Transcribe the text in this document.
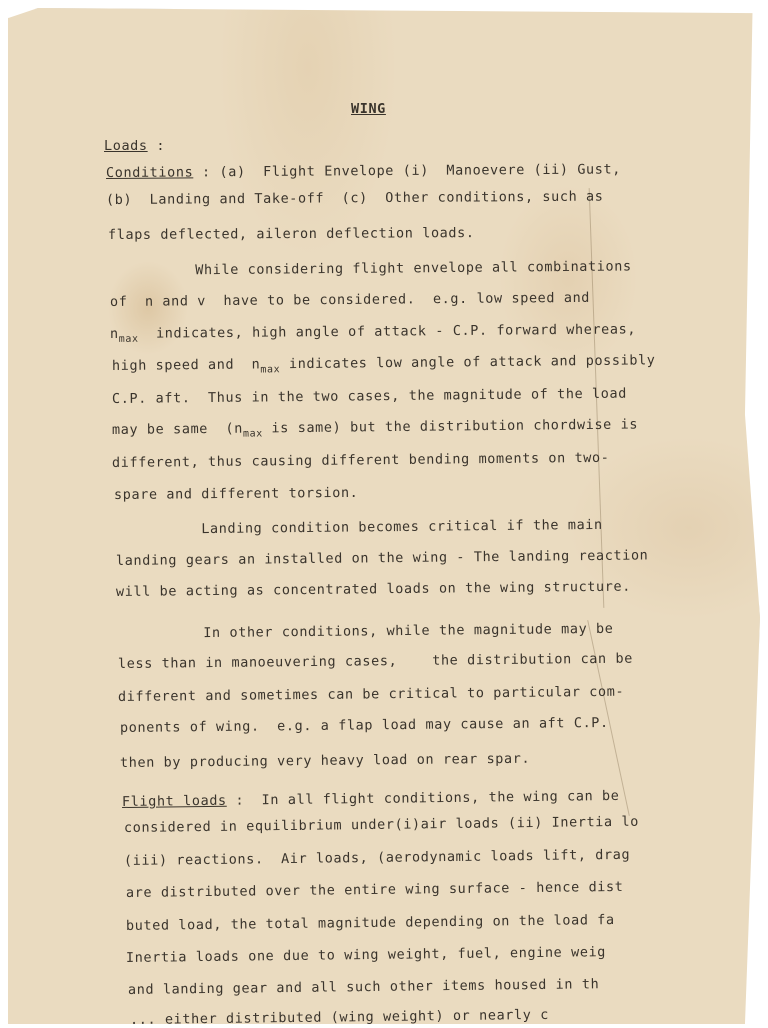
WING
Loads :
Conditions : (a)  Flight Envelope (i)  Manoevere (ii) Gust,
(b)  Landing and Take-off  (c)  Other conditions, such as
flaps deflected, aileron deflection loads.
While considering flight envelope all combinations
of  n and v  have to be considered.  e.g. low speed and
$n_{max}$  indicates, high angle of attack - C.P. forward whereas,
high speed and  $n_{max}$ indicates low angle of attack and possibly
C.P. aft.  Thus in the two cases, the magnitude of the load
may be same  ($n_{max}$ is same) but the distribution chordwise is
different, thus causing different bending moments on two-
spare and different torsion.
Landing condition becomes critical if the main
landing gears an installed on the wing - The landing reaction
will be acting as concentrated loads on the wing structure.
In other conditions, while the magnitude may be
less than in manoeuvering cases,    the distribution can be
different and sometimes can be critical to particular com-
ponents of wing.  e.g. a flap load may cause an aft C.P.
then by producing very heavy load on rear spar.
Flight loads :  In all flight conditions, the wing can be
considered in equilibrium under(i)air loads (ii) Inertia lo
(iii) reactions.  Air loads, (aerodynamic loads lift, drag
are distributed over the entire wing surface - hence dist
buted load, the total magnitude depending on the load fa
Inertia loads one due to wing weight, fuel, engine weig
and landing gear and all such other items housed in th
... either distributed (wing weight) or nearly c
